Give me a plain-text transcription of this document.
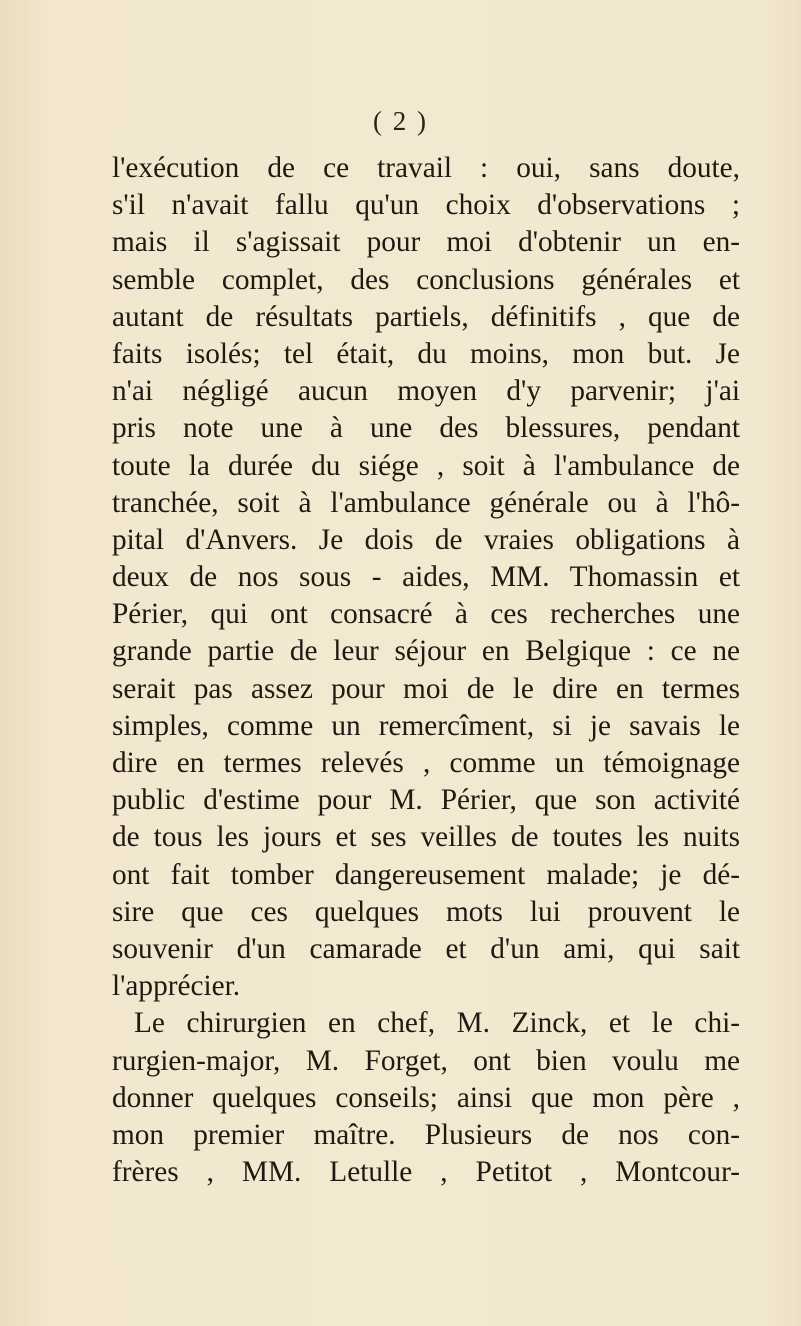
( 2 )
l'exécution de ce travail : oui, sans doute,
s'il n'avait fallu qu'un choix d'observations ;
mais il s'agissait pour moi d'obtenir un en-
semble complet, des conclusions générales et
autant de résultats partiels, définitifs , que de
faits isolés; tel était, du moins, mon but. Je
n'ai négligé aucun moyen d'y parvenir; j'ai
pris note une à une des blessures, pendant
toute la durée du siége , soit à l'ambulance de
tranchée, soit à l'ambulance générale ou à l'hô-
pital d'Anvers. Je dois de vraies obligations à
deux de nos sous - aides, MM. Thomassin et
Périer, qui ont consacré à ces recherches une
grande partie de leur séjour en Belgique : ce ne
serait pas assez pour moi de le dire en termes
simples, comme un remercîment, si je savais le
dire en termes relevés , comme un témoignage
public d'estime pour M. Périer, que son activité
de tous les jours et ses veilles de toutes les nuits
ont fait tomber dangereusement malade; je dé-
sire que ces quelques mots lui prouvent le
souvenir d'un camarade et d'un ami, qui sait
l'apprécier.
Le chirurgien en chef, M. Zinck, et le chi-
rurgien-major, M. Forget, ont bien voulu me
donner quelques conseils; ainsi que mon père ,
mon premier maître. Plusieurs de nos con-
frères , MM. Letulle , Petitot , Montcour-
